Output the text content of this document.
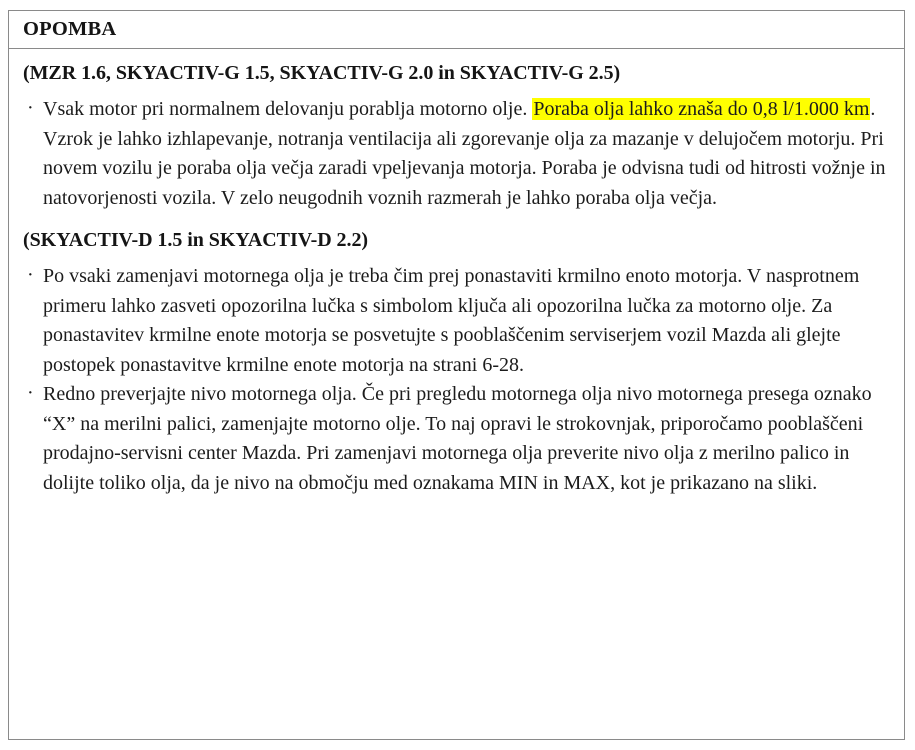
OPOMBA
(MZR 1.6, SKYACTIV-G 1.5, SKYACTIV-G 2.0 in SKYACTIV-G 2.5)

· Vsak motor pri normalnem delovanju porablja motorno olje. Poraba olja lahko znaša do 0,8 l/1.000 km. Vzrok je lahko izhlapevanje, notranja ventilacija ali zgorevanje olja za mazanje v delujočem motorju. Pri novem vozilu je poraba olja večja zaradi vpeljevanja motorja. Poraba je odvisna tudi od hitrosti vožnje in natovorjenosti vozila. V zelo neugodnih voznih razmerah je lahko poraba olja večja.

(SKYACTIV-D 1.5 in SKYACTIV-D 2.2)

· Po vsaki zamenjavi motornega olja je treba čim prej ponastaviti krmilno enoto motorja. V nasprotnem primeru lahko zasveti opozorilna lučka s simbolom ključa ali opozorilna lučka za motorno olje. Za ponastavitev krmilne enote motorja se posvetujte s pooblaščenim serviserjem vozil Mazda ali glejte postopek ponastavitve krmilne enote motorja na strani 6-28.

· Redno preverjajte nivo motornega olja. Če pri pregledu motornega olja nivo motornega presega oznako “X” na merilni palici, zamenjajte motorno olje. To naj opravi le strokovnjak, priporočamo pooblaščeni prodajno-servisni center Mazda. Pri zamenjavi motornega olja preverite nivo olja z merilno palico in dolijte toliko olja, da je nivo na območju med oznakama MIN in MAX, kot je prikazano na sliki.
